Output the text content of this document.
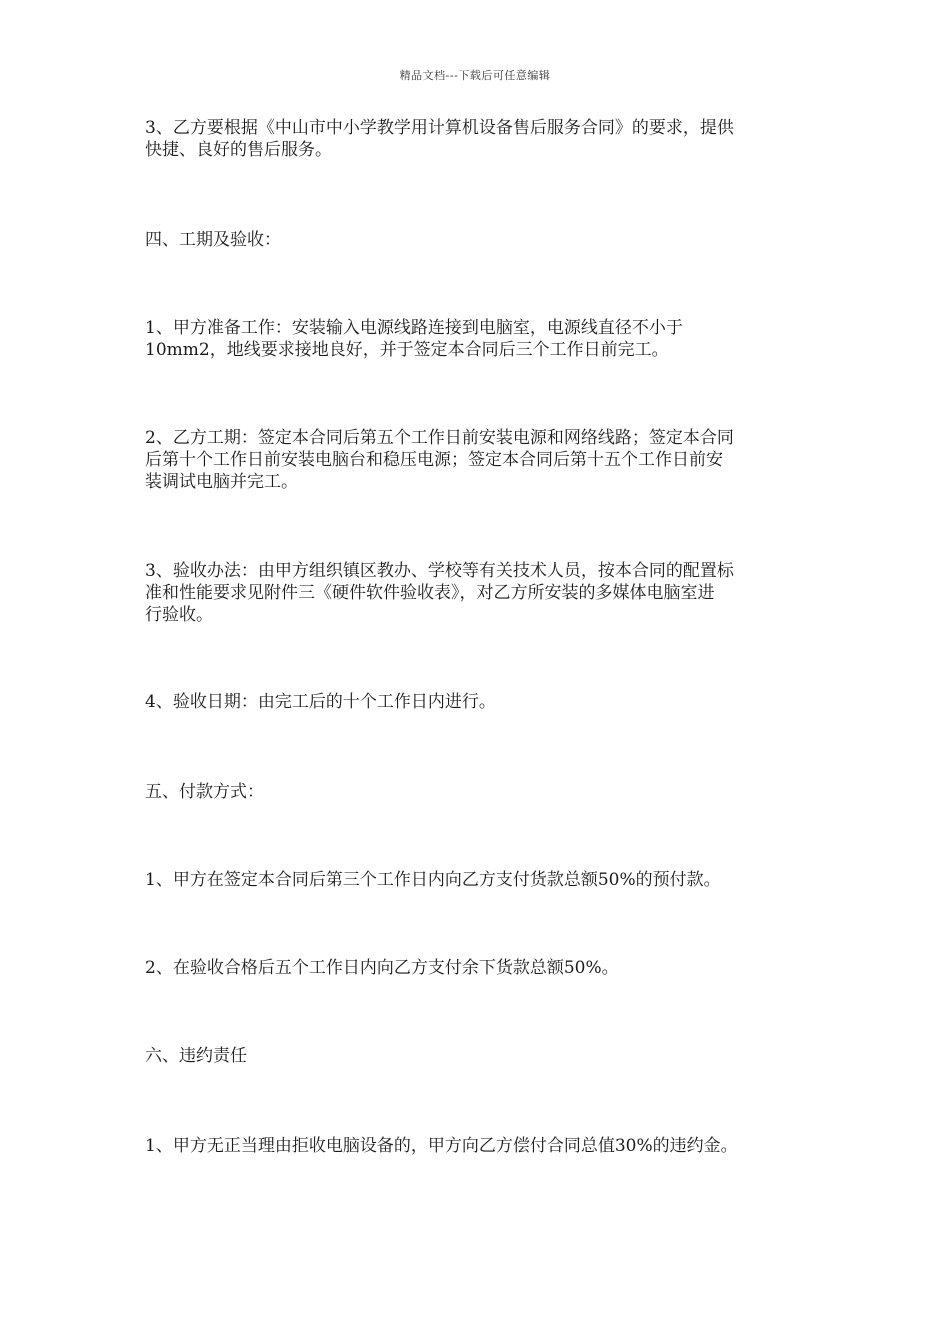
精品文档---下载后可任意编辑

3、乙方要根据《中山市中小学教学用计算机设备售后服务合同》的要求，提供
快捷、良好的售后服务。

四、工期及验收：

1、甲方准备工作：安装输入电源线路连接到电脑室，电源线直径不小于
10mm2，地线要求接地良好，并于签定本合同后三个工作日前完工。

2、乙方工期：签定本合同后第五个工作日前安装电源和网络线路；签定本合同
后第十个工作日前安装电脑台和稳压电源；签定本合同后第十五个工作日前安
装调试电脑并完工。

3、验收办法：由甲方组织镇区教办、学校等有关技术人员，按本合同的配置标
准和性能要求见附件三《硬件软件验收表》，对乙方所安装的多媒体电脑室进
行验收。

4、验收日期：由完工后的十个工作日内进行。

五、付款方式：

1、甲方在签定本合同后第三个工作日内向乙方支付货款总额50%的预付款。

2、在验收合格后五个工作日内向乙方支付余下货款总额50%。

六、违约责任

1、甲方无正当理由拒收电脑设备的，甲方向乙方偿付合同总值30%的违约金。
